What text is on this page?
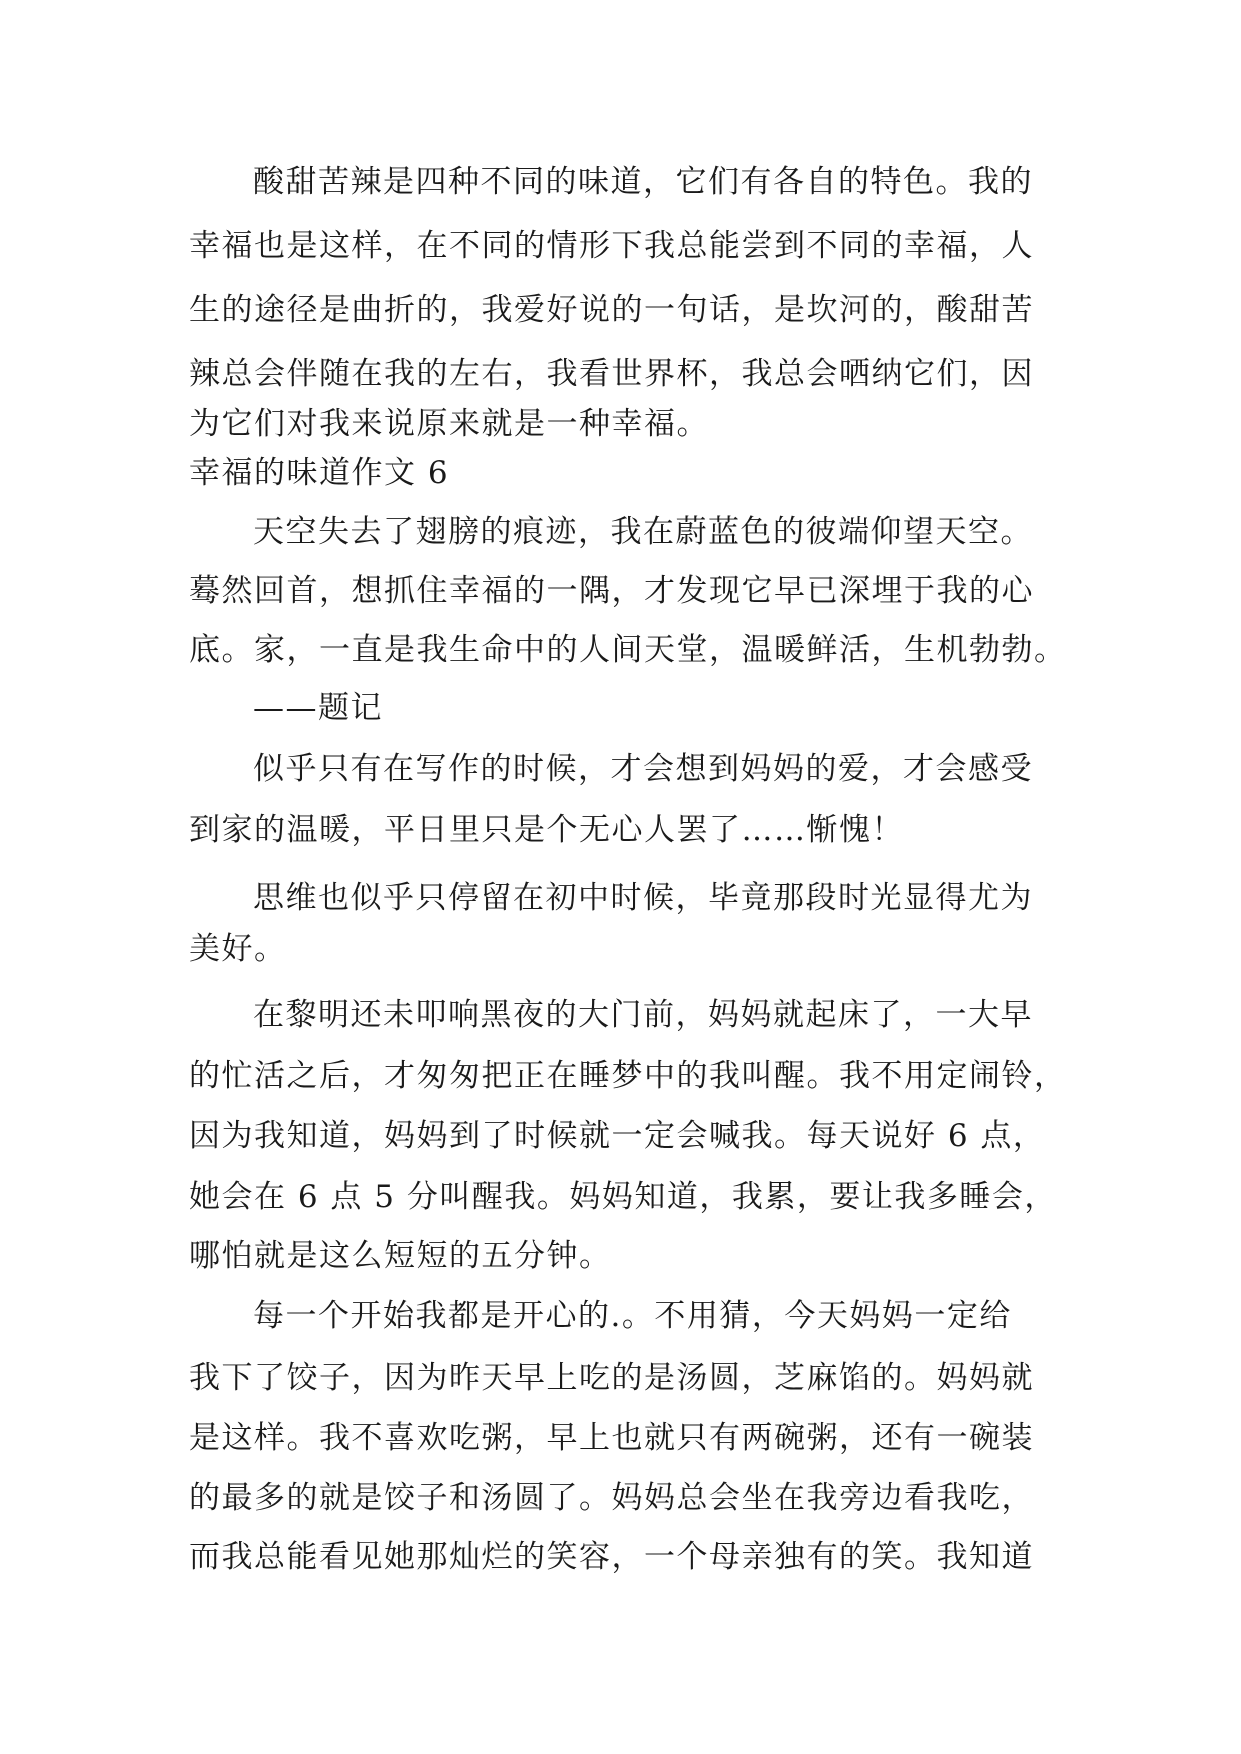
酸甜苦辣是四种不同的味道，它们有各自的特色。我的
幸福也是这样，在不同的情形下我总能尝到不同的幸福，人
生的途径是曲折的，我爱好说的一句话，是坎河的，酸甜苦
辣总会伴随在我的左右，我看世界杯，我总会哂纳它们，因
为它们对我来说原来就是一种幸福。
幸福的味道作文 6
天空失去了翅膀的痕迹，我在蔚蓝色的彼端仰望天空。
蓦然回首，想抓住幸福的一隅，才发现它早已深埋于我的心
底。家，一直是我生命中的人间天堂，温暖鲜活，生机勃勃。
——题记
似乎只有在写作的时候，才会想到妈妈的爱，才会感受
到家的温暖，平日里只是个无心人罢了……惭愧！
思维也似乎只停留在初中时候，毕竟那段时光显得尤为
美好。
在黎明还未叩响黑夜的大门前，妈妈就起床了，一大早
的忙活之后，才匆匆把正在睡梦中的我叫醒。我不用定闹铃，
因为我知道，妈妈到了时候就一定会喊我。每天说好 6 点，
她会在 6 点 5 分叫醒我。妈妈知道，我累，要让我多睡会，
哪怕就是这么短短的五分钟。
每一个开始我都是开心的.。不用猜，今天妈妈一定给
我下了饺子，因为昨天早上吃的是汤圆，芝麻馅的。妈妈就
是这样。我不喜欢吃粥，早上也就只有两碗粥，还有一碗装
的最多的就是饺子和汤圆了。妈妈总会坐在我旁边看我吃，
而我总能看见她那灿烂的笑容，一个母亲独有的笑。我知道
